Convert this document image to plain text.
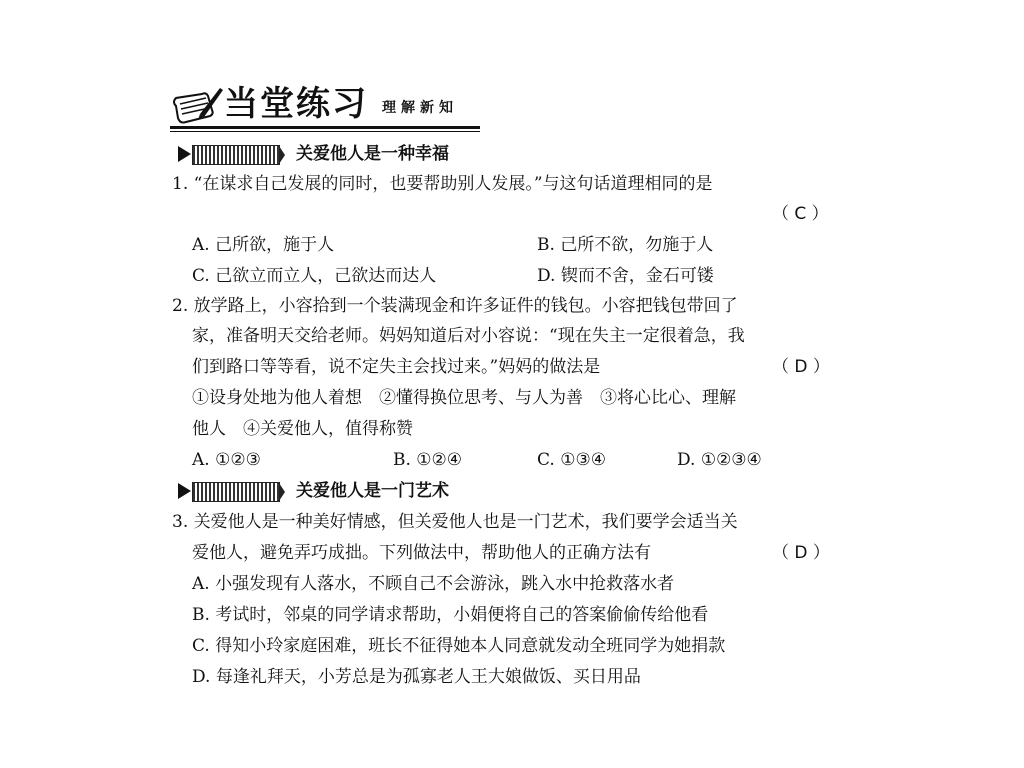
当堂练习 理解新知
关爱他人是一种幸福
1. “在谋求自己发展的同时，也要帮助别人发展。”与这句话道理相同的是
（ C ）
A. 己所欲，施于人	B. 己所不欲，勿施于人
C. 己欲立而立人，己欲达而达人	D. 锲而不舍，金石可镂
2. 放学路上，小容拾到一个装满现金和许多证件的钱包。小容把钱包带回了
家，准备明天交给老师。妈妈知道后对小容说：“现在失主一定很着急，我
们到路口等等看，说不定失主会找过来。”妈妈的做法是	（ D ）
①设身处地为他人着想　②懂得换位思考、与人为善　③将心比心、理解
他人　④关爱他人，值得称赞
A. ①②③	B. ①②④	C. ①③④	D. ①②③④
关爱他人是一门艺术
3. 关爱他人是一种美好情感，但关爱他人也是一门艺术，我们要学会适当关
爱他人，避免弄巧成拙。下列做法中，帮助他人的正确方法有	（ D ）
A. 小强发现有人落水，不顾自己不会游泳，跳入水中抢救落水者
B. 考试时，邻桌的同学请求帮助，小娟便将自己的答案偷偷传给他看
C. 得知小玲家庭困难，班长不征得她本人同意就发动全班同学为她捐款
D. 每逢礼拜天，小芳总是为孤寡老人王大娘做饭、买日用品
